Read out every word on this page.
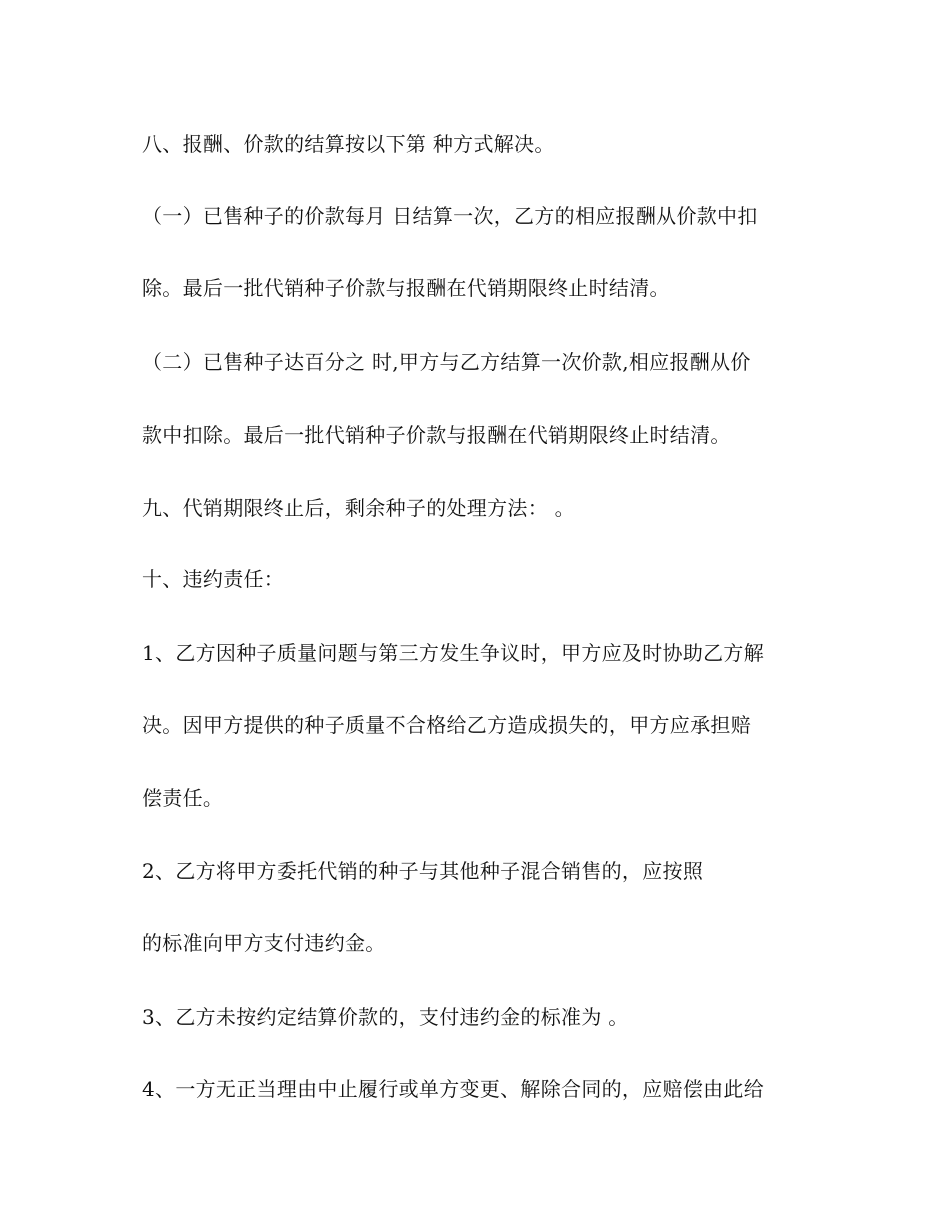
八、报酬、价款的结算按以下第 种方式解决。
（一）已售种子的价款每月 日结算一次，乙方的相应报酬从价款中扣
除。最后一批代销种子价款与报酬在代销期限终止时结清。
（二）已售种子达百分之 时,甲方与乙方结算一次价款,相应报酬从价
款中扣除。最后一批代销种子价款与报酬在代销期限终止时结清。
九、代销期限终止后，剩余种子的处理方法： 。
十、违约责任：
1、乙方因种子质量问题与第三方发生争议时，甲方应及时协助乙方解
决。因甲方提供的种子质量不合格给乙方造成损失的，甲方应承担赔
偿责任。
2、乙方将甲方委托代销的种子与其他种子混合销售的，应按照
的标准向甲方支付违约金。
3、乙方未按约定结算价款的，支付违约金的标准为 。
4、一方无正当理由中止履行或单方变更、解除合同的，应赔偿由此给
